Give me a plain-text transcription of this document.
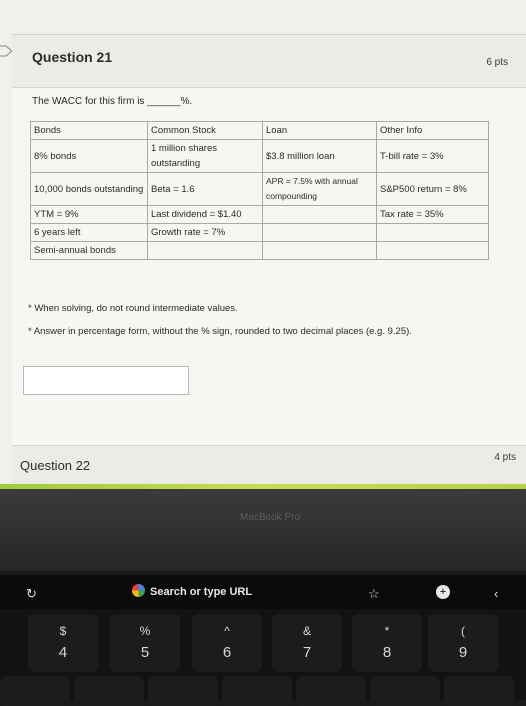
Question 21	6 pts
The WACC for this firm is ______%.
Bonds	Common Stock	Loan	Other Info
8% bonds	1 million shares outstanding	$3.8 million loan	T-bill rate = 3%
10,000 bonds outstanding	Beta = 1.6	APR = 7.5% with annual compounding	S&P500 return = 8%
YTM = 9%	Last dividend = $1.40		Tax rate = 35%
6 years left	Growth rate = 7%		
Semi-annual bonds			
* When solving, do not round intermediate values.
* Answer in percentage form, without the % sign, rounded to two decimal places (e.g. 9.25).
Question 22
4 pts
MacBook Pro
↻	Search or type URL	☆	+	‹
$
4
%
5
^
6
&
7
*
8
(
9
